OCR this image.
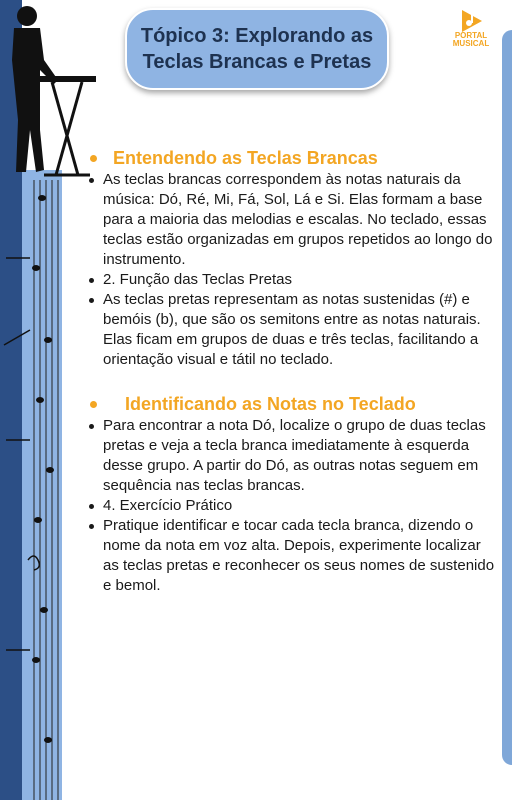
Tópico 3: Explorando as
Teclas Brancas e Pretas
PORTAL
MUSICAL
Entendendo as Teclas Brancas
As teclas brancas correspondem às notas naturais da música: Dó, Ré, Mi, Fá, Sol, Lá e Si. Elas formam a base para a maioria das melodias e escalas. No teclado, essas teclas estão organizadas em grupos repetidos ao longo do instrumento.
2. Função das Teclas Pretas
As teclas pretas representam as notas sustenidas (#) e bemóis (b), que são os semitons entre as notas naturais. Elas ficam em grupos de duas e três teclas, facilitando a orientação visual e tátil no teclado.
Identificando as Notas no Teclado
Para encontrar a nota Dó, localize o grupo de duas teclas pretas e veja a tecla branca imediatamente à esquerda desse grupo. A partir do Dó, as outras notas seguem em sequência nas teclas brancas.
4. Exercício Prático
Pratique identificar e tocar cada tecla branca, dizendo o nome da nota em voz alta. Depois, experimente localizar as teclas pretas e reconhecer os seus nomes de sustenido e bemol.
